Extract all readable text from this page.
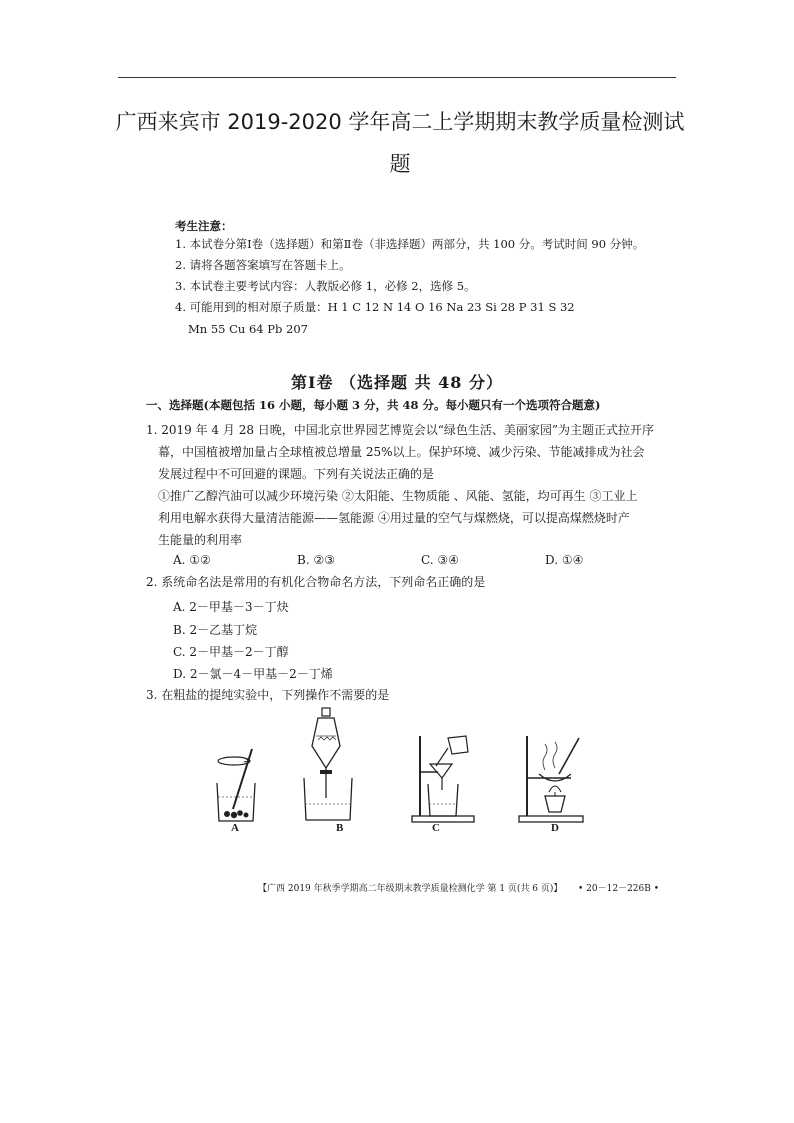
广西来宾市 2019-2020 学年高二上学期期末教学质量检测试
题
考生注意：
1. 本试卷分第Ⅰ卷（选择题）和第Ⅱ卷（非选择题）两部分，共 100 分。考试时间 90 分钟。
2. 请将各题答案填写在答题卡上。
3. 本试卷主要考试内容：人教版必修 1，必修 2，选修 5。
4. 可能用到的相对原子质量：H 1 C 12 N 14 O 16 Na 23 Si 28 P 31 S 32
Mn 55 Cu 64 Pb 207
第Ⅰ卷 （选择题 共 48 分）
一、选择题(本题包括 16 小题，每小题 3 分，共 48 分。每小题只有一个选项符合题意)
1. 2019 年 4 月 28 日晚，中国北京世界园艺博览会以“绿色生活、美丽家园”为主题正式拉开序
幕，中国植被增加量占全球植被总增量 25%以上。保护环境、减少污染、节能减排成为社会
发展过程中不可回避的课题。下列有关说法正确的是
①推广乙醇汽油可以减少环境污染 ②太阳能、生物质能 、风能、氢能，均可再生 ③工业上
利用电解水获得大量清洁能源——氢能源 ④用过量的空气与煤燃烧，可以提高煤燃烧时产
生能量的利用率
A. ①②	B. ②③	C. ③④	D. ①④
2. 系统命名法是常用的有机化合物命名方法，下列命名正确的是
A. 2－甲基－3－丁炔
B. 2－乙基丁烷
C. 2－甲基－2－丁醇
D. 2－氯－4－甲基－2－丁烯
3. 在粗盐的提纯实验中，下列操作不需要的是
A	B	C	D
【广西 2019 年秋季学期高二年级期末教学质量检测化学 第 1 页(共 6 页)】 • 20－12－226B •
